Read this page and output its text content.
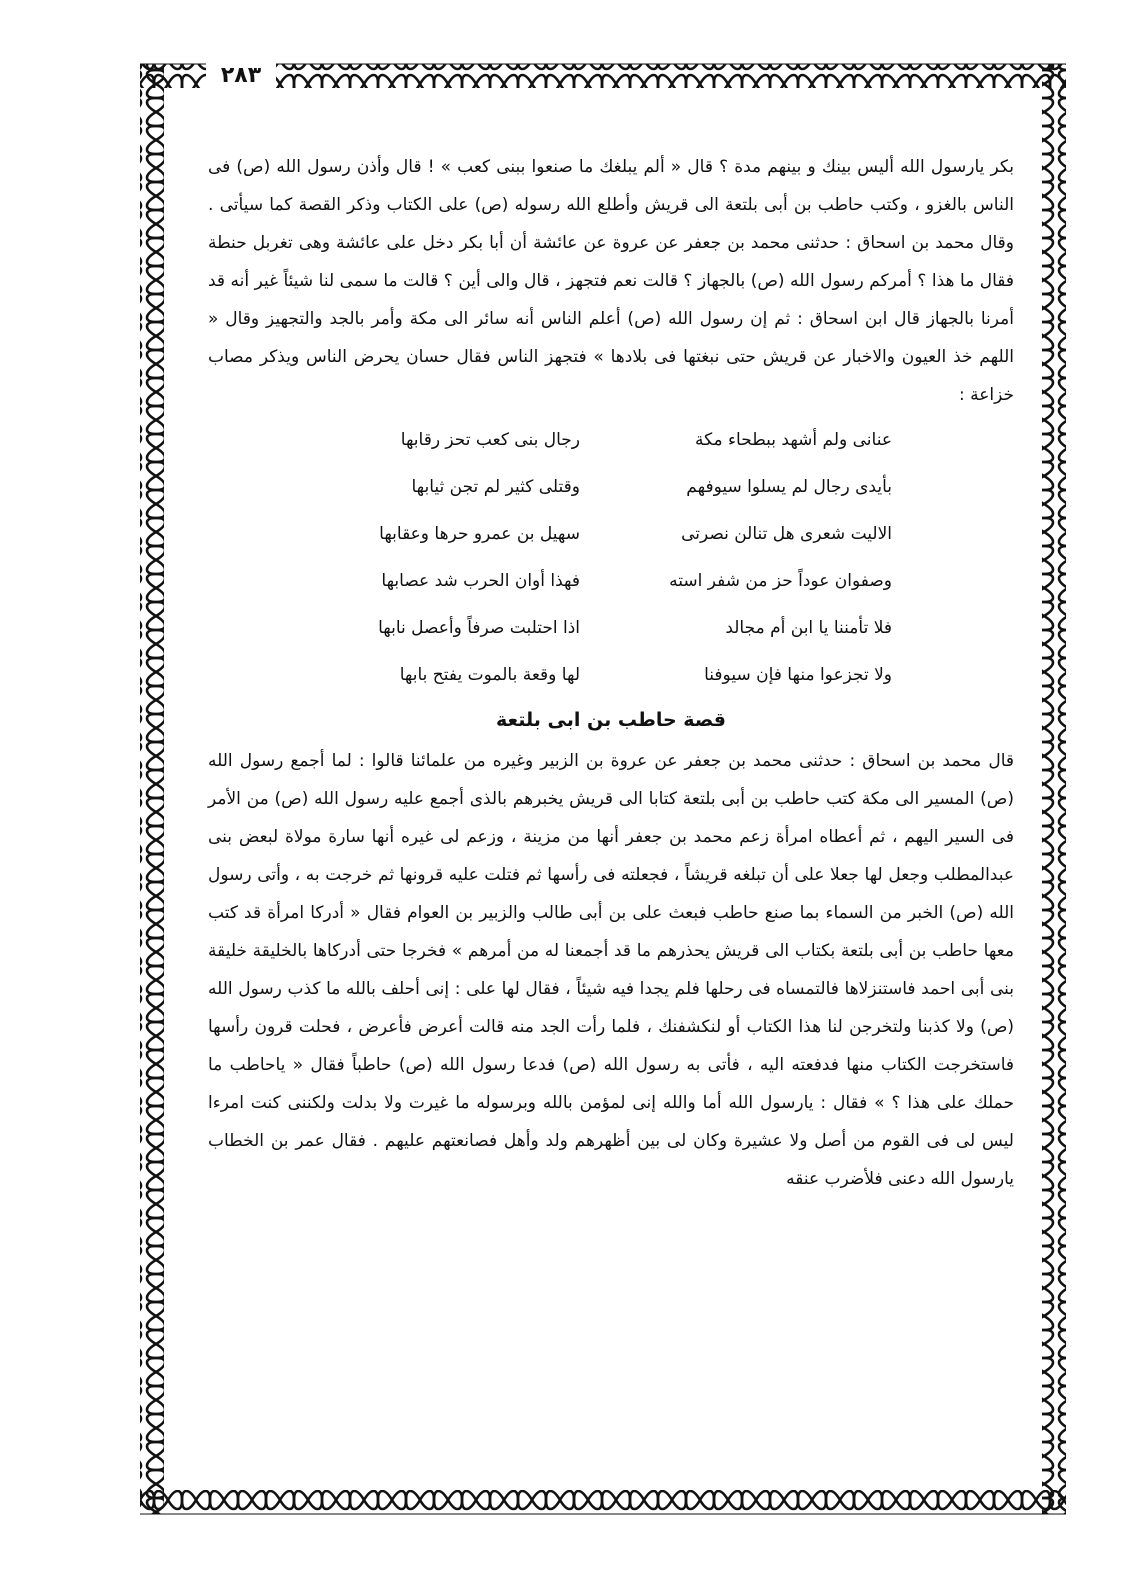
٢٨٣

بكر يارسول الله أليس بينك و بينهم مدة ؟ قال « ألم يبلغك ما صنعوا ببنى كعب » ! قال وأذن رسول الله (ص) فى الناس بالغزو ، وكتب حاطب بن أبى بلتعة الى قريش وأطلع الله رسوله (ص) على الكتاب وذكر القصة كما سيأتى . وقال محمد بن اسحاق : حدثنى محمد بن جعفر عن عروة عن عائشة أن أبا بكر دخل على عائشة وهى تغربل حنطة فقال ما هذا ؟ أمركم رسول الله (ص) بالجهاز ؟ قالت نعم فتجهز ، قال والى أين ؟ قالت ما سمى لنا شيئاً غير أنه قد أمرنا بالجهاز قال ابن اسحاق : ثم إن رسول الله (ص) أعلم الناس أنه سائر الى مكة وأمر بالجد والتجهيز وقال « اللهم خذ العيون والاخبار عن قريش حتى نبغتها فى بلادها » فتجهز الناس فقال حسان يحرض الناس ويذكر مصاب خزاعة :

عنانى ولم أشهد ببطحاء مكة
رجال بنى كعب تحز رقابها
بأيدى رجال لم يسلوا سيوفهم
وقتلى كثير لم تجن ثيابها
الاليت شعرى هل تنالن نصرتى
سهيل بن عمرو حرها وعقابها
وصفوان عوداً حز من شفر استه
فهذا أوان الحرب شد عصابها
فلا تأمننا يا ابن أم مجالد
اذا احتلبت صرفاً وأعصل نابها
ولا تجزعوا منها فإن سيوفنا
لها وقعة بالموت يفتح بابها
قصة حاطب بن ابى بلتعة

قال محمد بن اسحاق : حدثنى محمد بن جعفر عن عروة بن الزبير وغيره من علمائنا قالوا : لما أجمع رسول الله (ص) المسير الى مكة كتب حاطب بن أبى بلتعة كتابا الى قريش يخبرهم بالذى أجمع عليه رسول الله (ص) من الأمر فى السير اليهم ، ثم أعطاه امرأة زعم محمد بن جعفر أنها من مزينة ، وزعم لى غيره أنها سارة مولاة لبعض بنى عبدالمطلب وجعل لها جعلا على أن تبلغه قريشاً ، فجعلته فى رأسها ثم فتلت عليه قرونها ثم خرجت به ، وأتى رسول الله (ص) الخبر من السماء بما صنع حاطب فبعث على بن أبى طالب والزبير بن العوام فقال « أدركا امرأة قد كتب معها حاطب بن أبى بلتعة بكتاب الى قريش يحذرهم ما قد أجمعنا له من أمرهم » فخرجا حتى أدركاها بالخليقة خليقة بنى أبى احمد فاستنزلاها فالتمساه فى رحلها فلم يجدا فيه شيئاً ، فقال لها على : إنى أحلف بالله ما كذب رسول الله (ص) ولا كذبنا ولتخرجن لنا هذا الكتاب أو لنكشفنك ، فلما رأت الجد منه قالت أعرض فأعرض ، فحلت قرون رأسها فاستخرجت الكتاب منها فدفعته اليه ، فأتى به رسول الله (ص) فدعا رسول الله (ص) حاطباً فقال « ياحاطب ما حملك على هذا ؟ » فقال : يارسول الله أما والله إنى لمؤمن بالله وبرسوله ما غيرت ولا بدلت ولكننى كنت امرءا ليس لى فى القوم من أصل ولا عشيرة وكان لى بين أظهرهم ولد وأهل فصانعتهم عليهم . فقال عمر بن الخطاب يارسول الله دعنى فلأضرب عنقه
